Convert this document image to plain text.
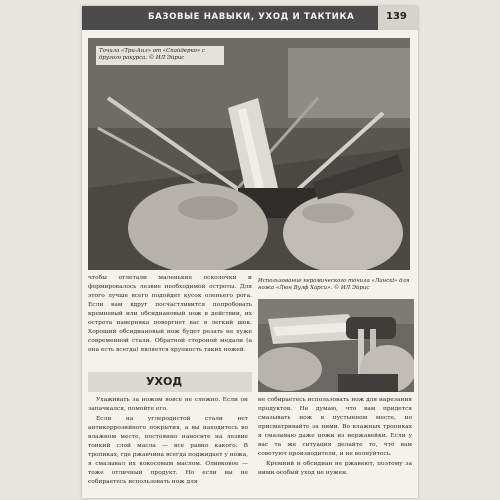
БАЗОВЫЕ НАВЫКИ, УХОД И ТАКТИКА	139
Точила «Три-Анл» от «Спайдерко» с другого ракурса. © ИЛ Эйрис

чтобы отлетали маленькие осколочки и формировалось лезвие необходимой остроты. Для этого лучше всего подойдет кусок оленьего рога. Если вам вдруг посчастливится попробовать кремневый или обсидиановый нож в действии, их острота наверняка повергнет вас в легкий шок. Хороший обсидиановый нож будет резать не хуже современной стали. Обратной стороной медали (а она есть всегда) является хрупкость таких ножей.

Использование керамического точила «Ланскl» для ножа «Люн Вулф Харси». © ИЛ Эйрис
УХОД

Ухаживать за ножом вовсе не сложно. Если он запачкался, помойте его.

Если на углеродистой стали нет антикоррозийного покрытия, а вы находитесь во влажном месте, постоянно наносите на лезвие тонкий слой масла — все равно какого. В тропиках, где ржавчина всегда поджидает у ножа, я смазывал их кокосовым маслом. Оливковое — тоже отличный продукт. Но если вы не собираетесь использовать нож для

не собираетесь использовать нож для нарезания продуктов. Не думаю, что вам придется смазывать нож в пустынном месте, но присматривайте за ними. Во влажных тропиках я смазываю даже ножи из нержавейки. Если у вас та же ситуация делайте то, что вам советуют производители, и не волнуйтесь.

Кремний и обсидиан не ржавеют, поэтому за ними особый уход не нужен.
